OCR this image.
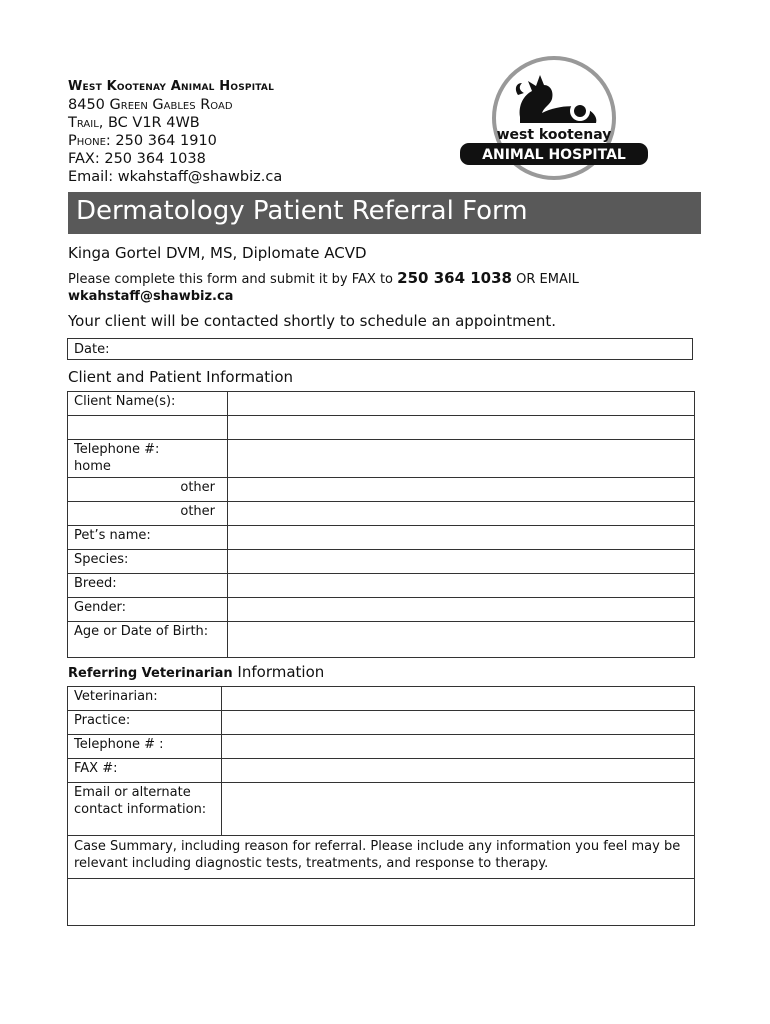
West Kootenay Animal Hospital
8450 Green Gables Road
Trail, BC V1R 4WB
Phone: 250 364 1910
FAX: 250 364 1038
Email: wkahstaff@shawbiz.ca
west kootenay
ANIMAL HOSPITAL
Dermatology Patient Referral Form
Kinga Gortel DVM, MS, Diplomate ACVD
Please complete this form and submit it by FAX to 250 364 1038 OR EMAIL
wkahstaff@shawbiz.ca
Your client will be contacted shortly to schedule an appointment.
Date:
Client and Patient Information
Client Name(s):	

Telephone #:
home	

other	
other	
Pet’s name:	
Species:	
Breed:	
Gender:	
Age or Date of Birth:	
Referring Veterinarian Information
Veterinarian:	
Practice:	
Telephone # :	
FAX #:	
Email or alternate contact information:	
Case Summary, including reason for referral. Please include any information you feel may be relevant including diagnostic tests, treatments, and response to therapy.
